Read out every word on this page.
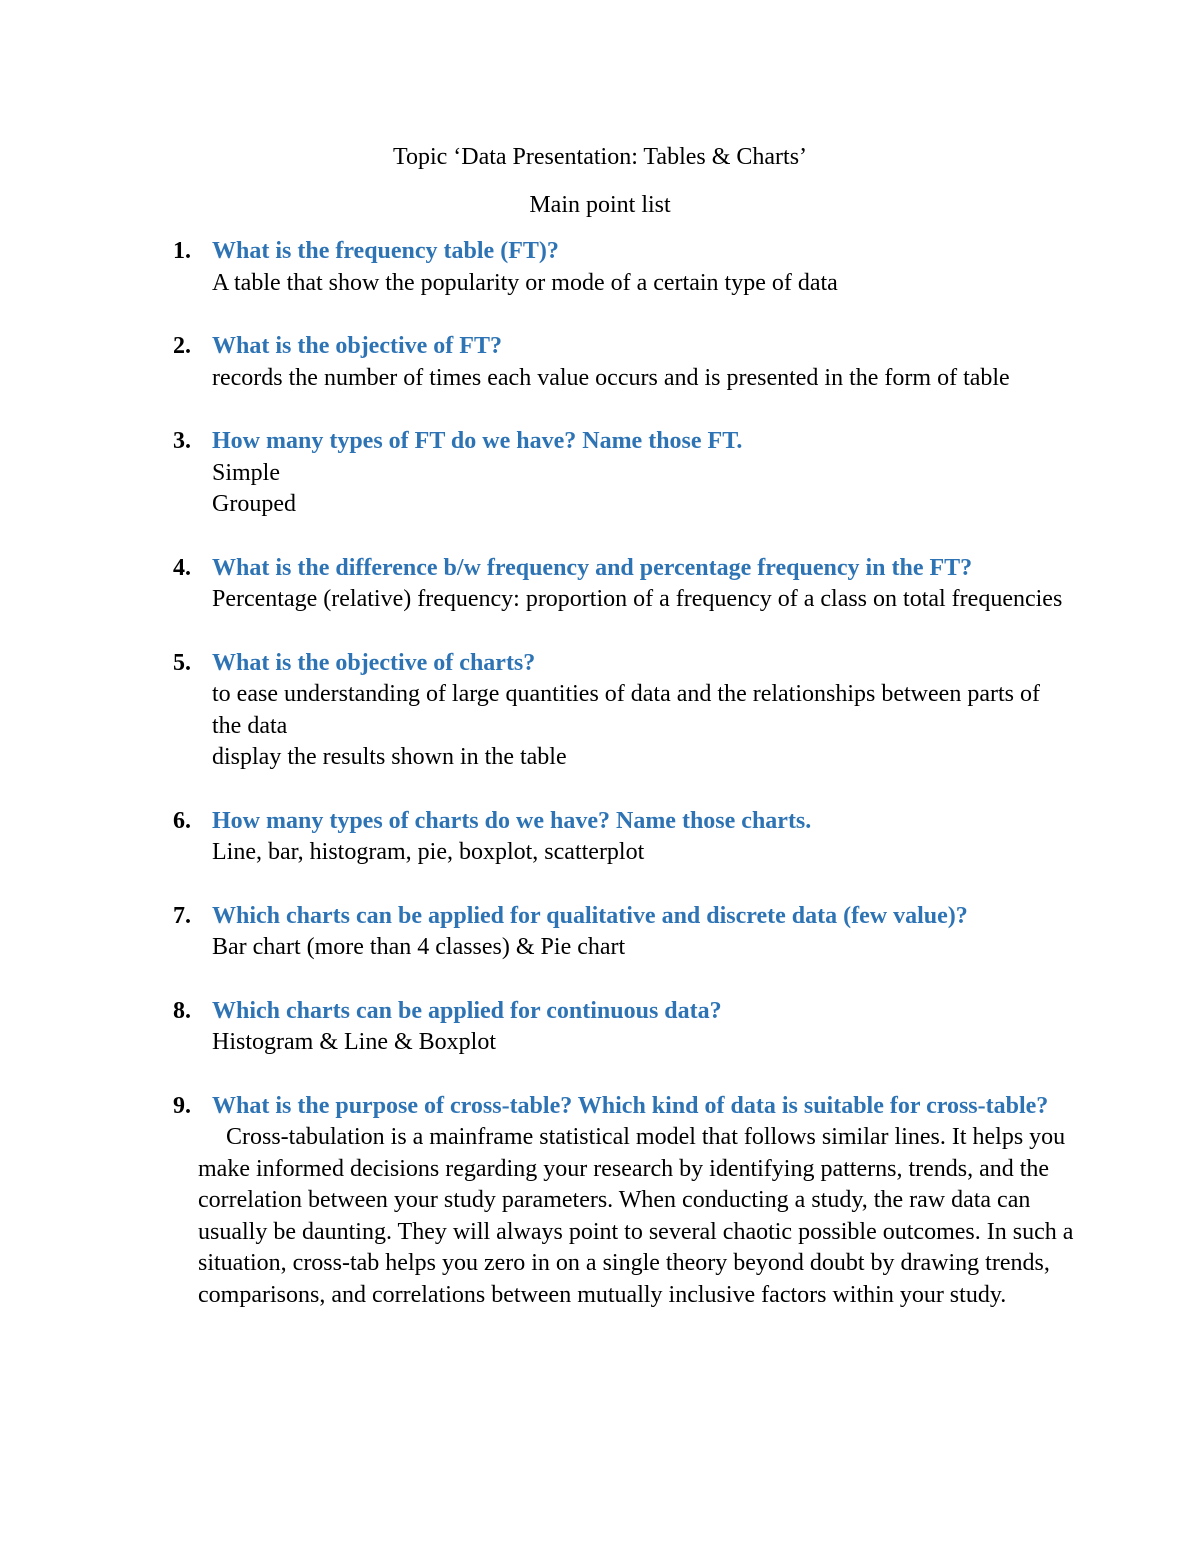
Topic ‘Data Presentation: Tables & Charts’
Main point list
1. What is the frequency table (FT)?
A table that show the popularity or mode of a certain type of data
2. What is the objective of FT?
records the number of times each value occurs and is presented in the form of table
3. How many types of FT do we have? Name those FT.
Simple
Grouped
4. What is the difference b/w frequency and percentage frequency in the FT?
Percentage (relative) frequency: proportion of a frequency of a class on total frequencies
5. What is the objective of charts?
to ease understanding of large quantities of data and the relationships between parts of the data
display the results shown in the table
6. How many types of charts do we have? Name those charts.
Line, bar, histogram, pie, boxplot, scatterplot
7. Which charts can be applied for qualitative and discrete data (few value)?
Bar chart (more than 4 classes) & Pie chart
8. Which charts can be applied for continuous data?
Histogram & Line & Boxplot
9. What is the purpose of cross-table? Which kind of data is suitable for cross-table?
Cross-tabulation is a mainframe statistical model that follows similar lines. It helps you make informed decisions regarding your research by identifying patterns, trends, and the correlation between your study parameters. When conducting a study, the raw data can usually be daunting. They will always point to several chaotic possible outcomes. In such a situation, cross-tab helps you zero in on a single theory beyond doubt by drawing trends, comparisons, and correlations between mutually inclusive factors within your study.
